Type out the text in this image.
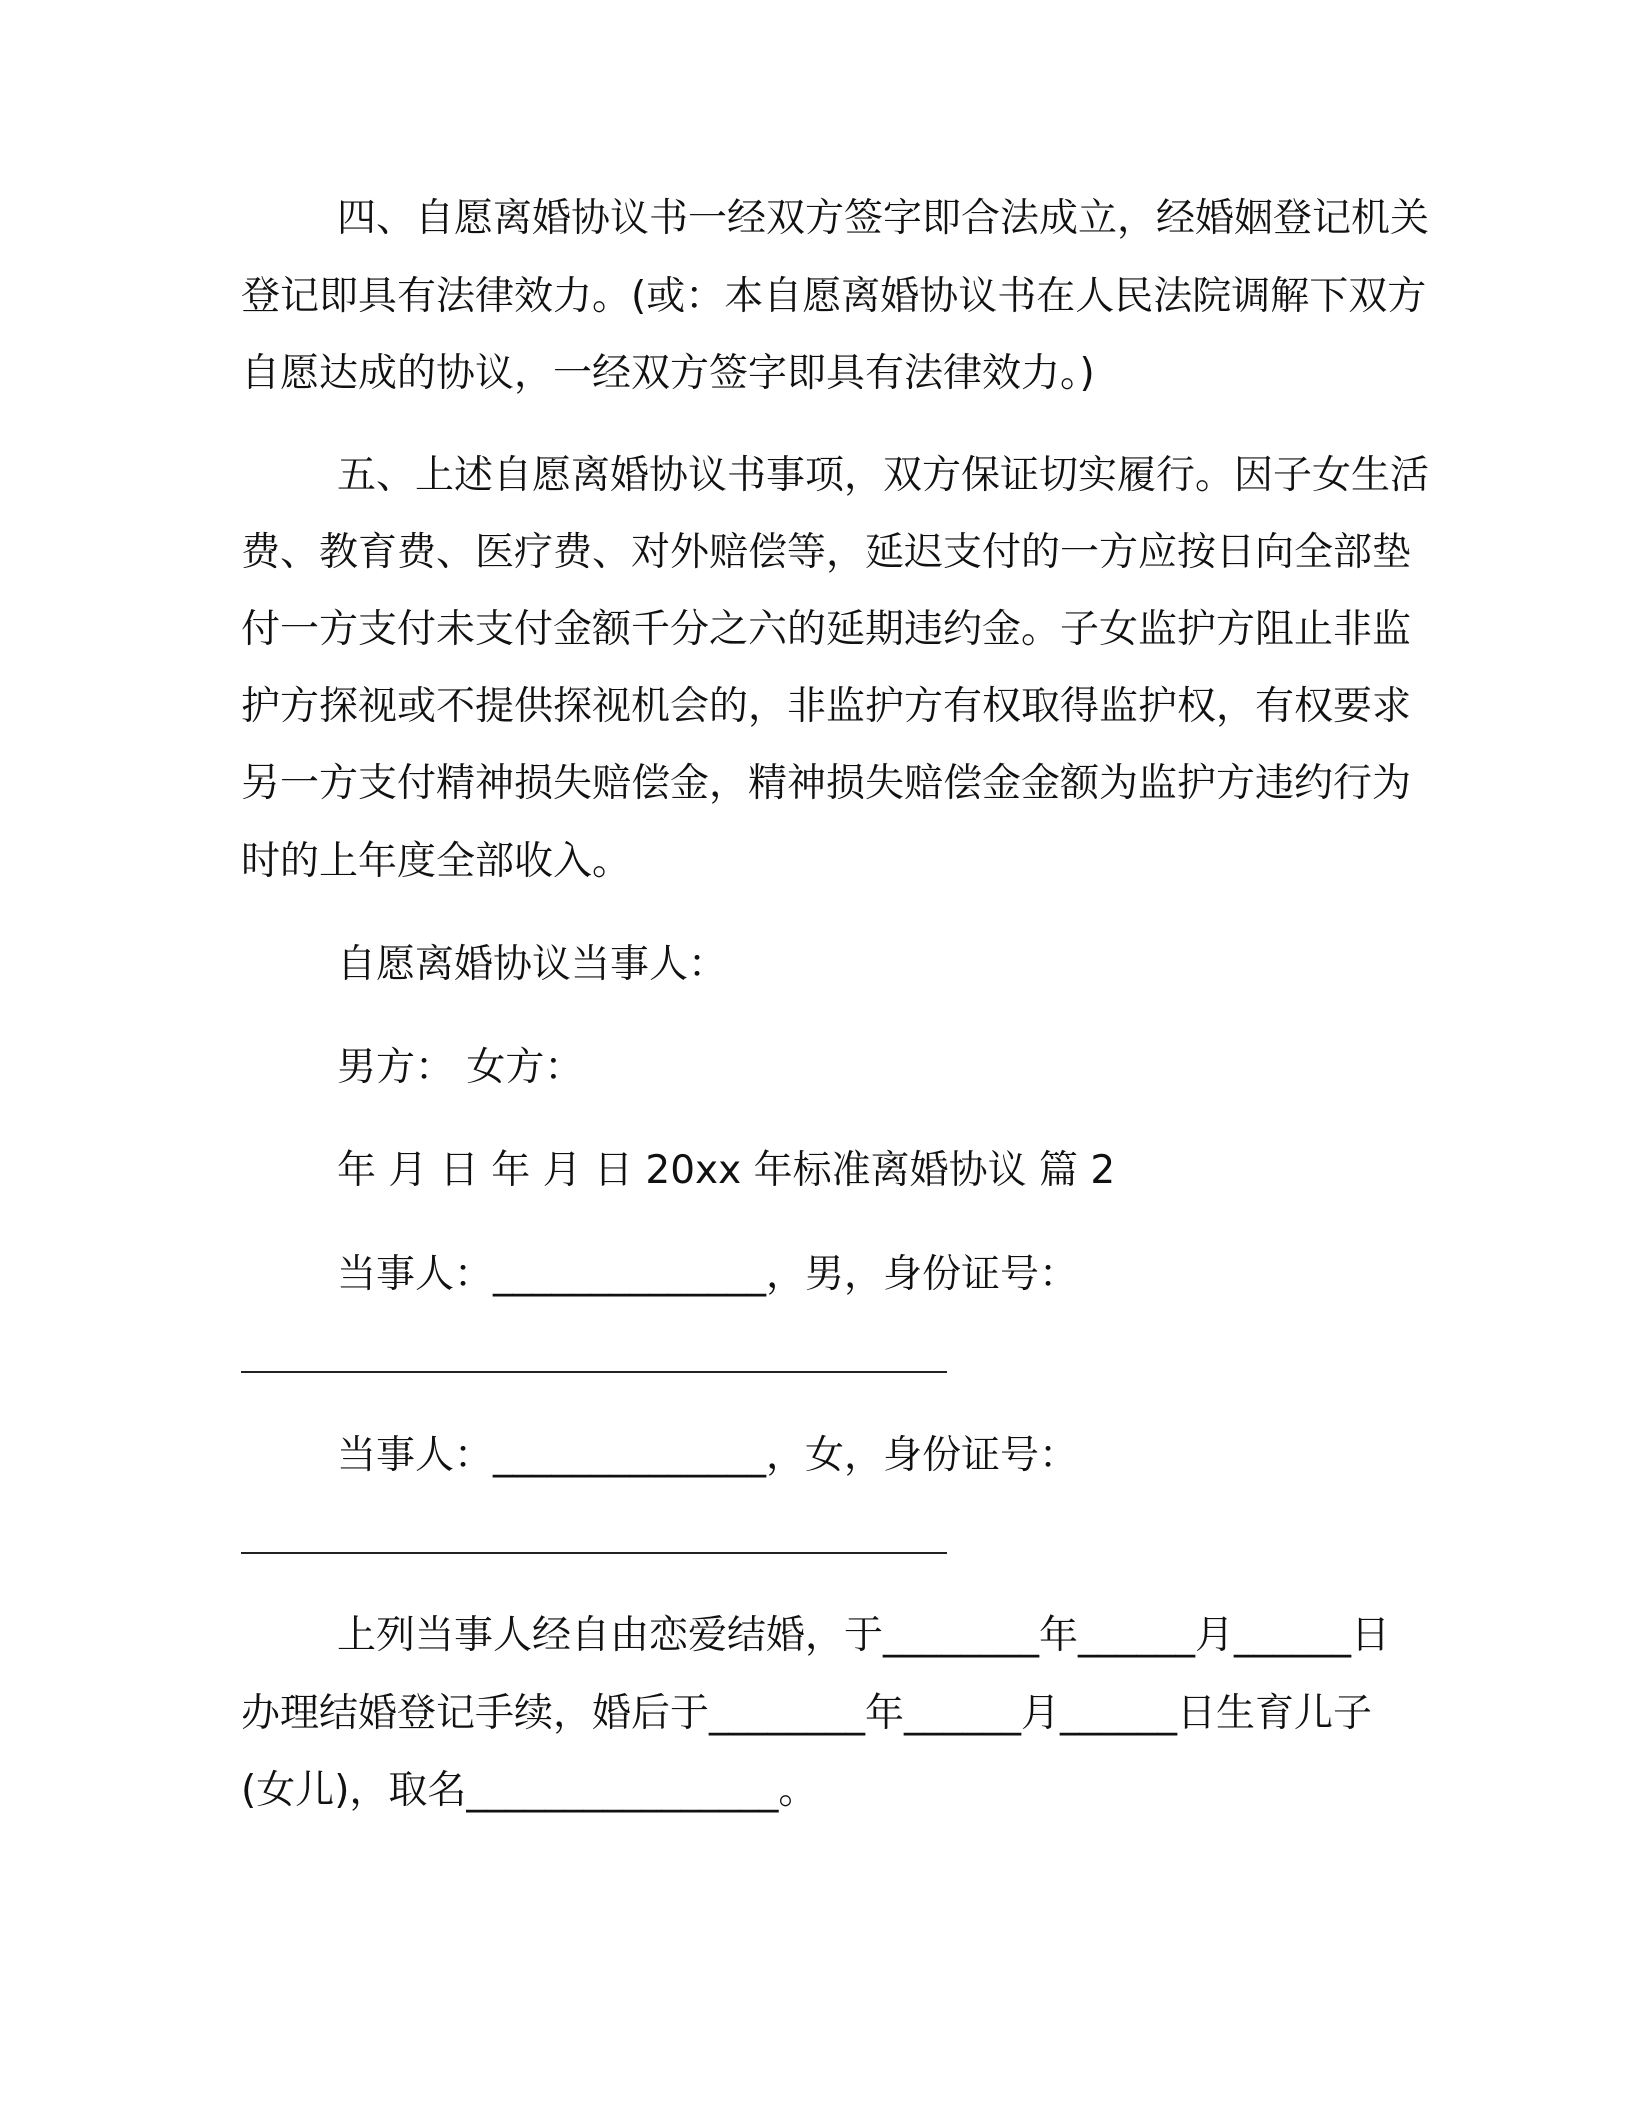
四、自愿离婚协议书一经双方签字即合法成立，经婚姻登记机关
登记即具有法律效力。(或：本自愿离婚协议书在人民法院调解下双方
自愿达成的协议，一经双方签字即具有法律效力。)
五、上述自愿离婚协议书事项，双方保证切实履行。因子女生活
费、教育费、医疗费、对外赔偿等，延迟支付的一方应按日向全部垫
付一方支付未支付金额千分之六的延期违约金。子女监护方阻止非监
护方探视或不提供探视机会的，非监护方有权取得监护权，有权要求
另一方支付精神损失赔偿金，精神损失赔偿金金额为监护方违约行为
时的上年度全部收入。
自愿离婚协议当事人：
男方： 女方：
年 月 日 年 月 日 20xx 年标准离婚协议 篇 2
当事人：______________，男，身份证号：
当事人：______________，女，身份证号：
上列当事人经自由恋爱结婚，于________年______月______日
办理结婚登记手续，婚后于________年______月______日生育儿子
(女儿)，取名________________。
